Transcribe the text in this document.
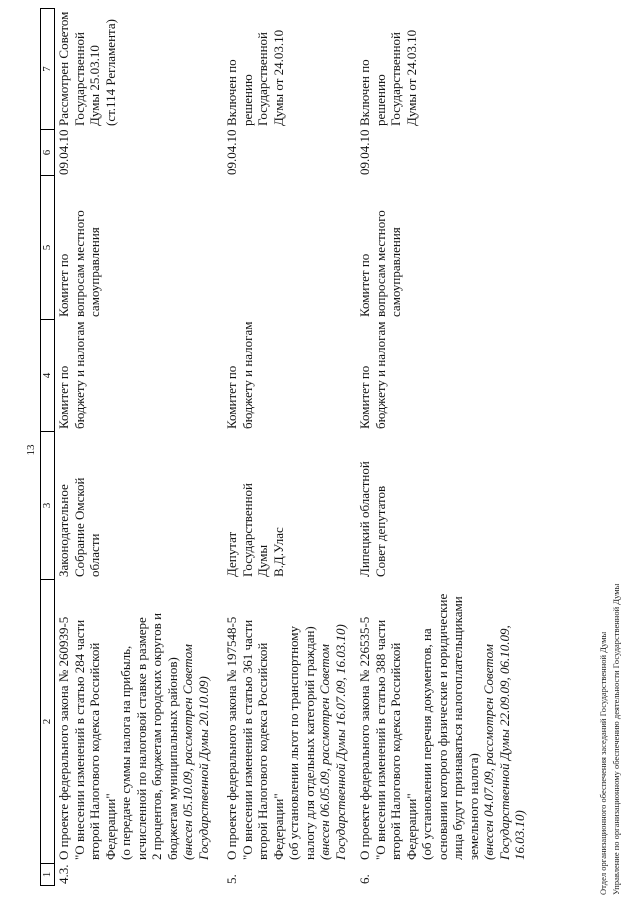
13
1
2
3
4
5
6
7
4.3.
О проекте федерального закона № 260939-5 "О внесении изменений в статью 284 части второй Налогового кодекса Российской Федерации" (о передаче суммы налога на прибыль, исчисленной по налоговой ставке в размере 2 процентов, бюджетам городских округов и бюджетам муниципальных районов) (внесен 05.10.09, рассмотрен Советом Государственной Думы 20.10.09)
Законодательное Собрание Омской области
Комитет по бюджету и налогам
Комитет по вопросам местного самоуправления
09.04.10
Рассмотрен Советом Государственной Думы 25.03.10 (ст.114 Регламента)
5.
О проекте федерального закона № 197548-5 "О внесении изменений в статью 361 части второй Налогового кодекса Российской Федерации" (об установлении льгот по транспортному налогу для отдельных категорий граждан) (внесен 06.05.09, рассмотрен Советом Государственной Думы 16.07.09, 16.03.10)
Депутат Государственной Думы В.Д.Улас
Комитет по бюджету и налогам
09.04.10
Включен по решению Государственной Думы от 24.03.10
6.
О проекте федерального закона № 226535-5 "О внесении изменений в статью 388 части второй Налогового кодекса Российской Федерации" (об установлении перечня документов, на основании которого физические и юридические лица будут признаваться налогоплательщиками земельного налога) (внесен 04.07.09, рассмотрен Советом Государственной Думы 22.09.09, 06.10.09, 16.03.10)
Липецкий областной Совет депутатов
Комитет по бюджету и налогам
Комитет по вопросам местного самоуправления
09.04.10
Включен по решению Государственной Думы от 24.03.10
Отдел организационного обеспечения заседаний Государственной Думы Управление по организационному обеспечению деятельности Государственной Думы
